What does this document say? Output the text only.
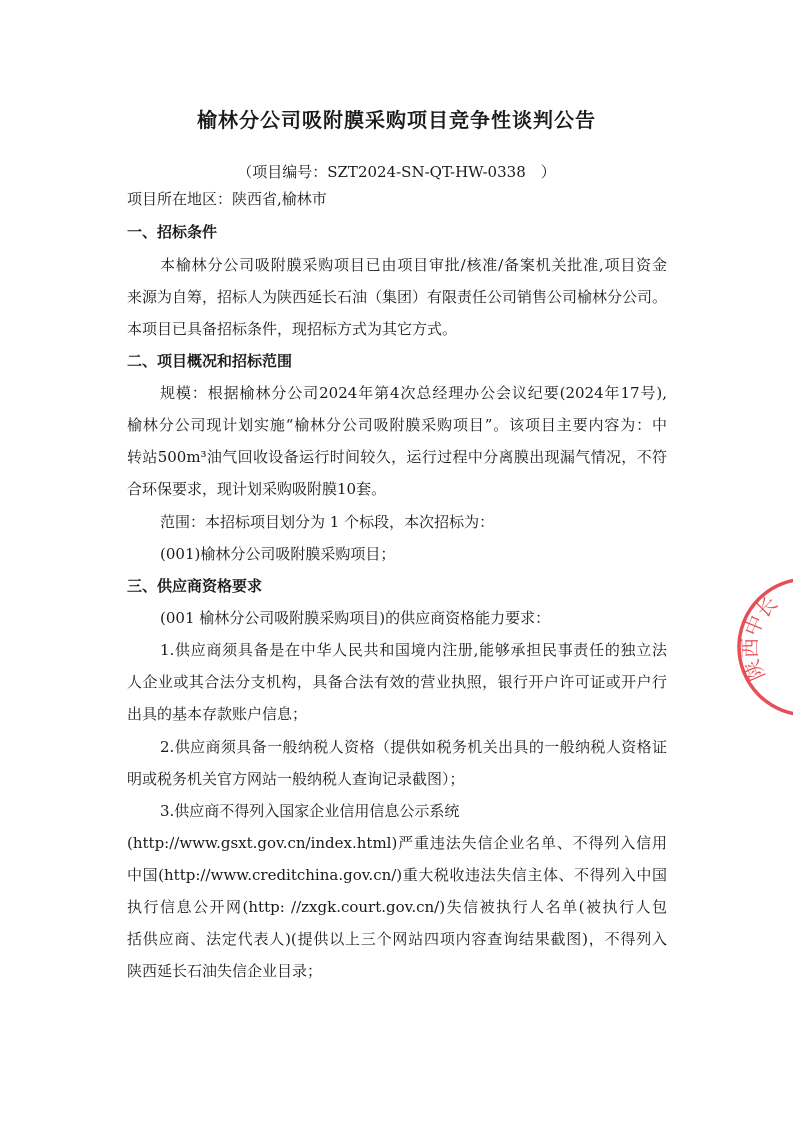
榆林分公司吸附膜采购项目竞争性谈判公告
（项目编号：SZT2024-SN-QT-HW-0338　）
项目所在地区：陕西省,榆林市
一、招标条件
本榆林分公司吸附膜采购项目已由项目审批/核准/备案机关批准,项目资金
来源为自筹，招标人为陕西延长石油（集团）有限责任公司销售公司榆林分公司。
本项目已具备招标条件，现招标方式为其它方式。
二、项目概况和招标范围
规模：根据榆林分公司2024年第4次总经理办公会议纪要(2024年17号),
榆林分公司现计划实施“榆林分公司吸附膜采购项目”。该项目主要内容为：中
转站500m³油气回收设备运行时间较久，运行过程中分离膜出现漏气情况，不符
合环保要求，现计划采购吸附膜10套。
范围：本招标项目划分为 1 个标段，本次招标为：
(001)榆林分公司吸附膜采购项目；
三、供应商资格要求
(001 榆林分公司吸附膜采购项目)的供应商资格能力要求：
1.供应商须具备是在中华人民共和国境内注册,能够承担民事责任的独立法
人企业或其合法分支机构，具备合法有效的营业执照，银行开户许可证或开户行
出具的基本存款账户信息；
2.供应商须具备一般纳税人资格（提供如税务机关出具的一般纳税人资格证
明或税务机关官方网站一般纳税人查询记录截图）；
3.供应商不得列入国家企业信用信息公示系统
(http://www.gsxt.gov.cn/index.html)严重违法失信企业名单、不得列入信用
中国(http://www.creditchina.gov.cn/)重大税收违法失信主体、不得列入中国
执行信息公开网(http: //zxgk.court.gov.cn/)失信被执行人名单(被执行人包
括供应商、法定代表人)(提供以上三个网站四项内容查询结果截图)，不得列入
陕西延长石油失信企业目录；
陕西中长
